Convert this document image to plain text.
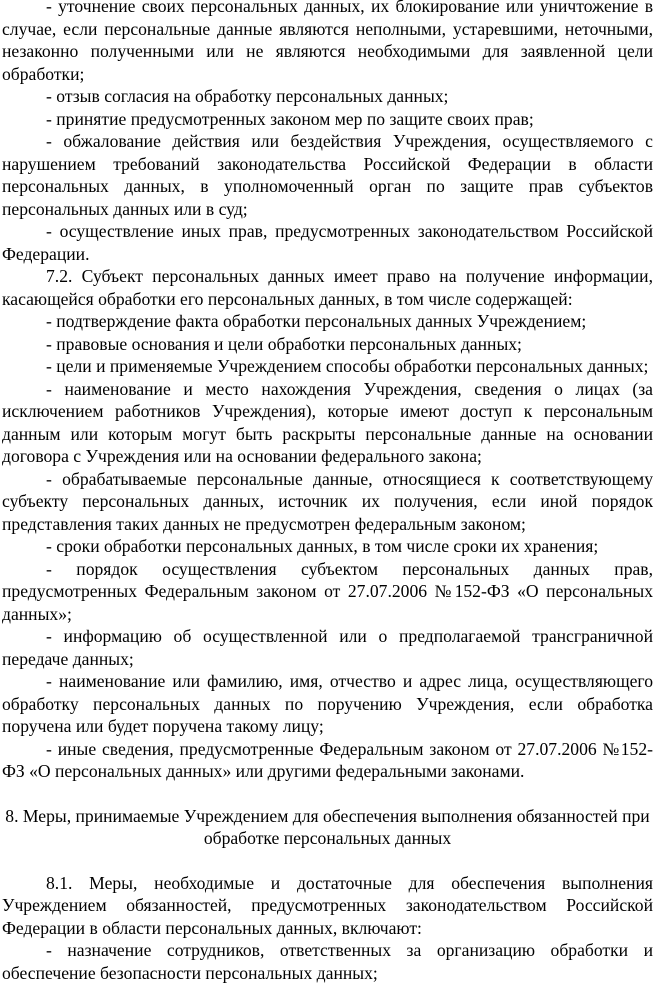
- уточнение своих персональных данных, их блокирование или уничтожение в случае, если персональные данные являются неполными, устаревшими, неточными, незаконно полученными или не являются необходимыми для заявленной цели обработки;

- отзыв согласия на обработку персональных данных;

- принятие предусмотренных законом мер по защите своих прав;

- обжалование действия или бездействия Учреждения, осуществляемого с нарушением требований законодательства Российской Федерации в области персональных данных, в уполномоченный орган по защите прав субъектов персональных данных или в суд;

- осуществление иных прав, предусмотренных законодательством Российской Федерации.

7.2. Субъект персональных данных имеет право на получение информации, касающейся обработки его персональных данных, в том числе содержащей:

- подтверждение факта обработки персональных данных Учреждением;

- правовые основания и цели обработки персональных данных;

- цели и применяемые Учреждением способы обработки персональных данных;

- наименование и место нахождения Учреждения, сведения о лицах (за исключением работников Учреждения), которые имеют доступ к персональным данным или которым могут быть раскрыты персональные данные на основании договора с Учреждения или на основании федерального закона;

- обрабатываемые персональные данные, относящиеся к соответствующему субъекту персональных данных, источник их получения, если иной порядок представления таких данных не предусмотрен федеральным законом;

- сроки обработки персональных данных, в том числе сроки их хранения;

- порядок осуществления субъектом персональных данных прав, предусмотренных Федеральным законом от 27.07.2006 №152-ФЗ «О персональных данных»;

- информацию об осуществленной или о предполагаемой трансграничной передаче данных;

- наименование или фамилию, имя, отчество и адрес лица, осуществляющего обработку персональных данных по поручению Учреждения, если обработка поручена или будет поручена такому лицу;

- иные сведения, предусмотренные Федеральным законом от 27.07.2006 №152-ФЗ «О персональных данных» или другими федеральными законами.

8. Меры, принимаемые Учреждением для обеспечения выполнения обязанностей при обработке персональных данных

8.1. Меры, необходимые и достаточные для обеспечения выполнения Учреждением обязанностей, предусмотренных законодательством Российской Федерации в области персональных данных, включают:

- назначение сотрудников, ответственных за организацию обработки и обеспечение безопасности персональных данных;
